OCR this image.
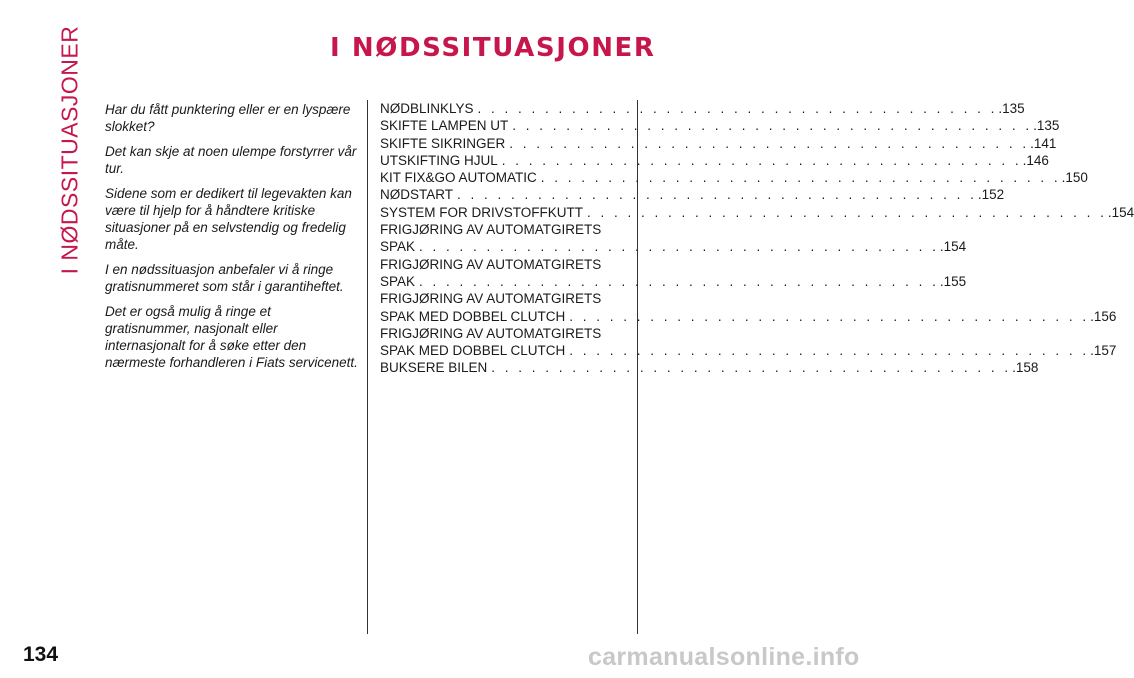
I NØDSSITUASJONER	I NØDSSITUASJONER

Har du fått punktering eller er en lyspære slokket?

Det kan skje at noen ulempe forstyrrer vår tur.

Sidene som er dedikert til legevakten kan være til hjelp for å håndtere kritiske situasjoner på en selvstendig og fredelig måte.

I en nødssituasjon anbefaler vi å ringe gratisnummeret som står i garantiheftet.

Det er også mulig å ringe et gratisnummer, nasjonalt eller internasjonalt for å søke etter den nærmeste forhandleren i Fiats servicenett.

NØDBLINKLYS . . . . . . . . . . . . . . . . . . . . . . . . . . . . . . . . . . . . . . . .135
SKIFTE LAMPEN UT . . . . . . . . . . . . . . . . . . . . . . . . . . . . . . . . . . . . . . . .135
SKIFTE SIKRINGER . . . . . . . . . . . . . . . . . . . . . . . . . . . . . . . . . . . . . . . .141
UTSKIFTING HJUL . . . . . . . . . . . . . . . . . . . . . . . . . . . . . . . . . . . . . . . .146
KIT FIX&GO AUTOMATIC . . . . . . . . . . . . . . . . . . . . . . . . . . . . . . . . . . . . . . . .150
NØDSTART . . . . . . . . . . . . . . . . . . . . . . . . . . . . . . . . . . . . . . . .152
SYSTEM FOR DRIVSTOFFKUTT . . . . . . . . . . . . . . . . . . . . . . . . . . . . . . . . . . . . . . . .154
FRIGJØRING AV AUTOMATGIRETS
SPAK . . . . . . . . . . . . . . . . . . . . . . . . . . . . . . . . . . . . . . . .154
FRIGJØRING AV AUTOMATGIRETS
SPAK . . . . . . . . . . . . . . . . . . . . . . . . . . . . . . . . . . . . . . . .155
FRIGJØRING AV AUTOMATGIRETS
SPAK MED DOBBEL CLUTCH . . . . . . . . . . . . . . . . . . . . . . . . . . . . . . . . . . . . . . . .156
FRIGJØRING AV AUTOMATGIRETS
SPAK MED DOBBEL CLUTCH . . . . . . . . . . . . . . . . . . . . . . . . . . . . . . . . . . . . . . . .157
BUKSERE BILEN . . . . . . . . . . . . . . . . . . . . . . . . . . . . . . . . . . . . . . . .158
134	carmanualsonline.info
